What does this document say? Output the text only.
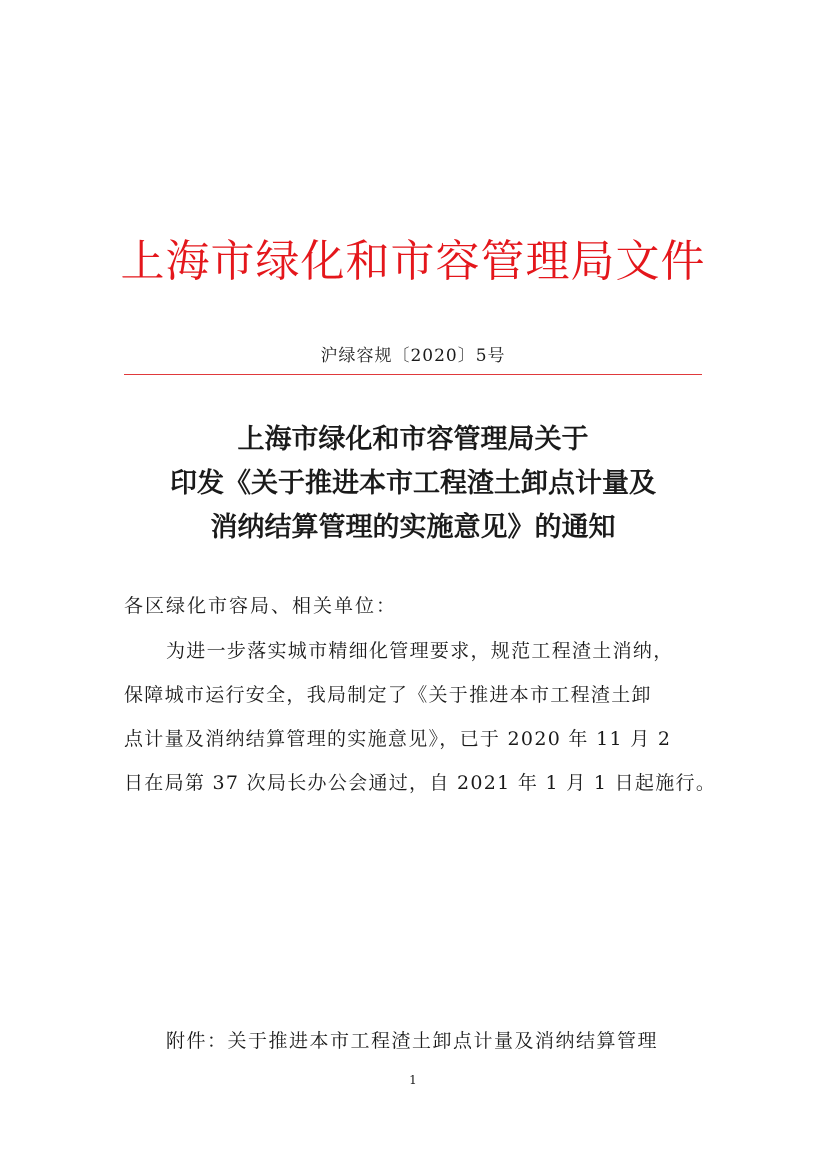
上海市绿化和市容管理局文件
沪绿容规〔2020〕5号
上海市绿化和市容管理局关于
印发《关于推进本市工程渣土卸点计量及
消纳结算管理的实施意见》的通知
各区绿化市容局、相关单位：
为进一步落实城市精细化管理要求，规范工程渣土消纳，
保障城市运行安全，我局制定了《关于推进本市工程渣土卸
点计量及消纳结算管理的实施意见》，已于 2020 年 11 月 2
日在局第 37 次局长办公会通过，自 2021 年 1 月 1 日起施行。
附件：关于推进本市工程渣土卸点计量及消纳结算管理
1
